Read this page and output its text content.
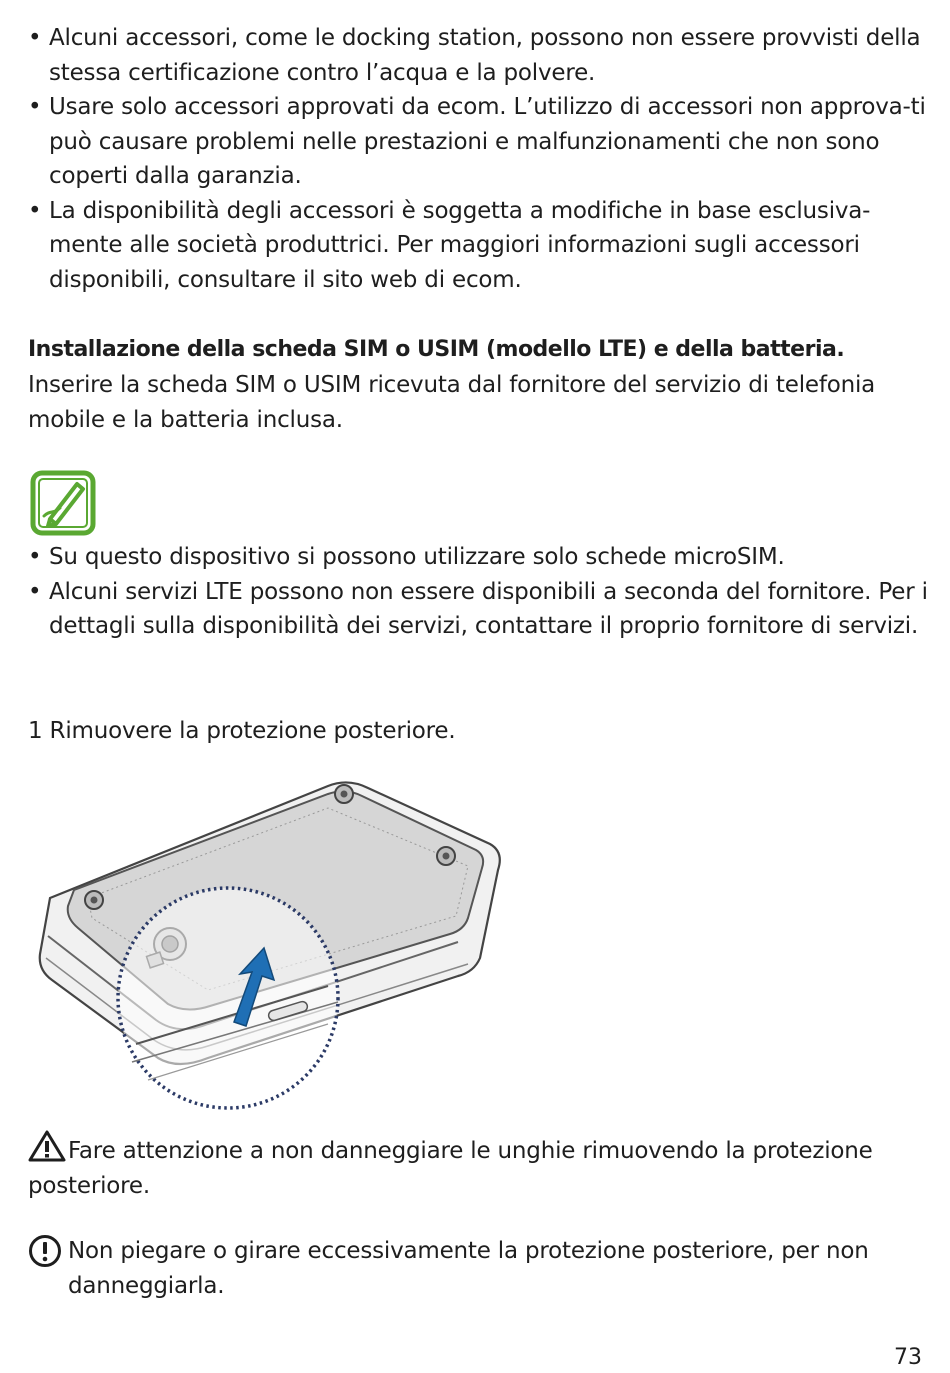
• Alcuni accessori, come le docking station, possono non essere provvisti della stessa certificazione contro l’acqua e la polvere.
• Usare solo accessori approvati da ecom. L’utilizzo di accessori non approva-ti può causare problemi nelle prestazioni e malfunzionamenti che non sono coperti dalla garanzia.
• La disponibilità degli accessori è soggetta a modifiche in base esclusiva-mente alle società produttrici. Per maggiori informazioni sugli accessori disponibili, consultare il sito web di ecom.
Installazione della scheda SIM o USIM (modello LTE) e della batteria.
Inserire la scheda SIM o USIM ricevuta dal fornitore del servizio di telefonia mobile e la batteria inclusa.
• Su questo dispositivo si possono utilizzare solo schede microSIM.
• Alcuni servizi LTE possono non essere disponibili a seconda del fornitore. Per i dettagli sulla disponibilità dei servizi, contattare il proprio fornitore di servizi.
1 Rimuovere la protezione posteriore.
Fare attenzione a non danneggiare le unghie rimuovendo la protezione posteriore.
Non piegare o girare eccessivamente la protezione posteriore, per non danneggiarla.
73
